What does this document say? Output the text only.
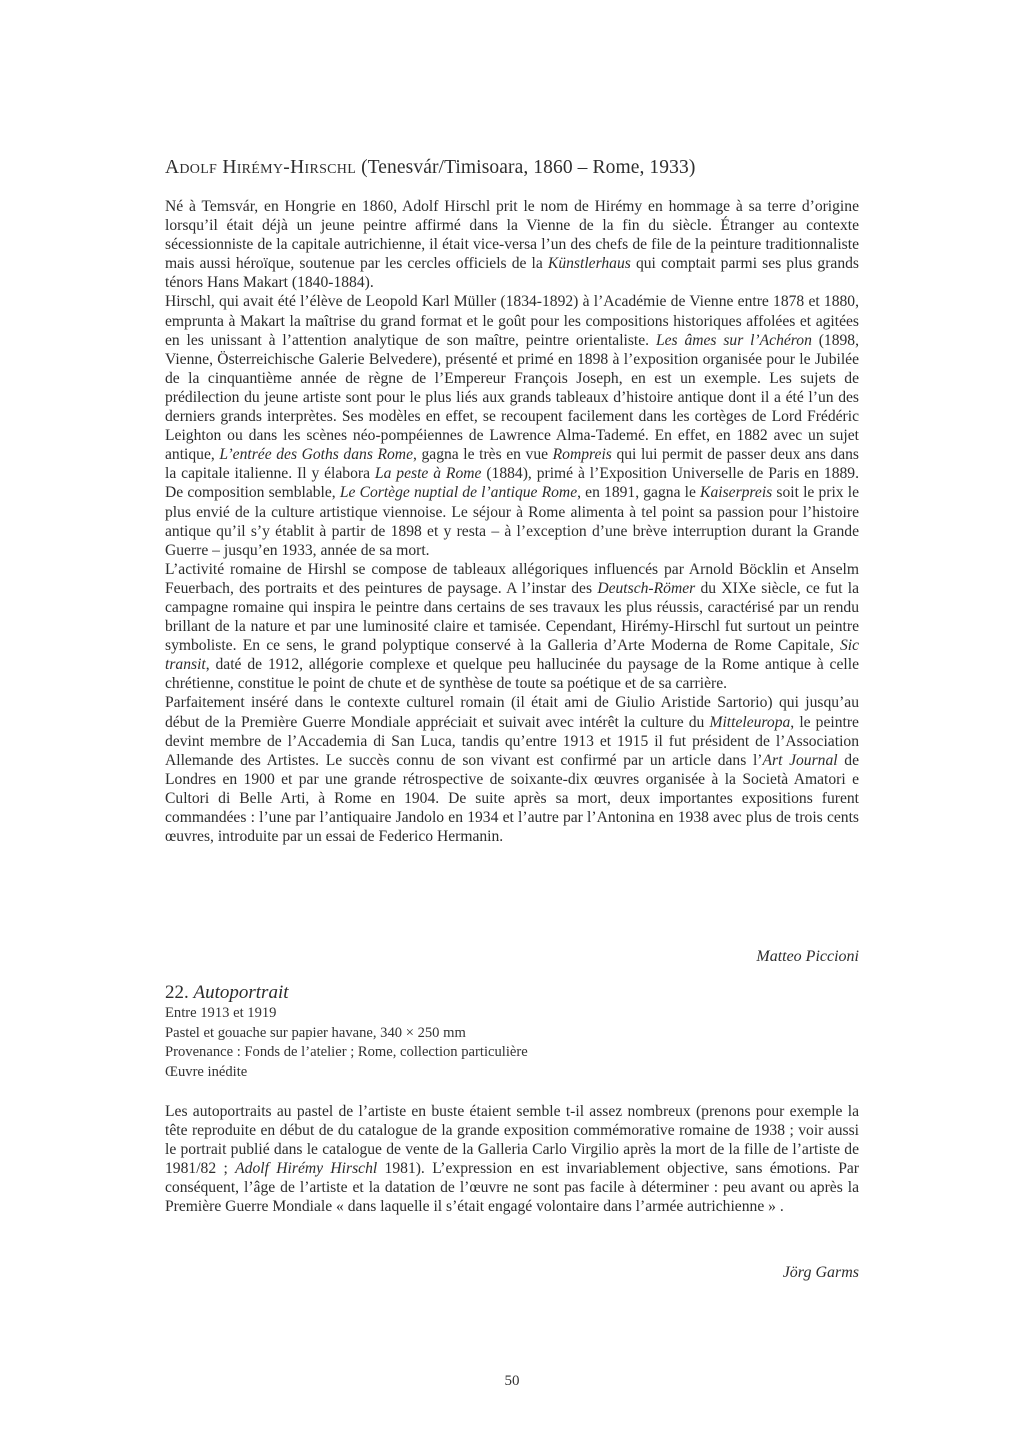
Adolf Hirémy-Hirschl (Tenesvár/Timisoara, 1860 – Rome, 1933)

Né à Temsvár, en Hongrie en 1860, Adolf Hirschl prit le nom de Hirémy en hommage à sa terre d’origine lorsqu’il était déjà un jeune peintre affirmé dans la Vienne de la fin du siècle. Étranger au contexte sécessionniste de la capitale autrichienne, il était vice-versa l’un des chefs de file de la peinture traditionnaliste mais aussi héroïque, soutenue par les cercles officiels de la Künstlerhaus qui comptait parmi ses plus grands ténors Hans Makart (1840-1884).

Hirschl, qui avait été l’élève de Leopold Karl Müller (1834-1892) à l’Académie de Vienne entre 1878 et 1880, emprunta à Makart la maîtrise du grand format et le goût pour les compositions historiques affolées et agitées en les unissant à l’attention analytique de son maître, peintre orientaliste. Les âmes sur l’Achéron (1898, Vienne, Österreichische Galerie Belvedere), présenté et primé en 1898 à l’exposition organisée pour le Jubilée de la cinquantième année de règne de l’Empereur François Joseph, en est un exemple. Les sujets de prédilection du jeune artiste sont pour le plus liés aux grands tableaux d’histoire antique dont il a été l’un des derniers grands interprètes. Ses modèles en effet, se recoupent facilement dans les cortèges de Lord Frédéric Leighton ou dans les scènes néo-pompéiennes de Lawrence Alma-Tademé. En effet, en 1882 avec un sujet antique, L’entrée des Goths dans Rome, gagna le très en vue Rompreis qui lui permit de passer deux ans dans la capitale italienne. Il y élabora La peste à Rome (1884), primé à l’Exposition Universelle de Paris en 1889. De composition semblable, Le Cortège nuptial de l’antique Rome, en 1891, gagna le Kaiserpreis soit le prix le plus envié de la culture artistique viennoise. Le séjour à Rome alimenta à tel point sa passion pour l’histoire antique qu’il s’y établit à partir de 1898 et y resta – à l’exception d’une brève interruption durant la Grande Guerre – jusqu’en 1933, année de sa mort.

L’activité romaine de Hirshl se compose de tableaux allégoriques influencés par Arnold Böcklin et Anselm Feuerbach, des portraits et des peintures de paysage. A l’instar des Deutsch-Römer du XIXe siècle, ce fut la campagne romaine qui inspira le peintre dans certains de ses travaux les plus réussis, caractérisé par un rendu brillant de la nature et par une luminosité claire et tamisée. Cependant, Hirémy-Hirschl fut surtout un peintre symboliste. En ce sens, le grand polyptique conservé à la Galleria d’Arte Moderna de Rome Capitale, Sic transit, daté de 1912, allégorie complexe et quelque peu hallucinée du paysage de la Rome antique à celle chrétienne, constitue le point de chute et de synthèse de toute sa poétique et de sa carrière.

Parfaitement inséré dans le contexte culturel romain (il était ami de Giulio Aristide Sartorio) qui jusqu’au début de la Première Guerre Mondiale appréciait et suivait avec intérêt la culture du Mitteleuropa, le peintre devint membre de l’Accademia di San Luca, tandis qu’entre 1913 et 1915 il fut président de l’Association Allemande des Artistes. Le succès connu de son vivant est confirmé par un article dans l’Art Journal de Londres en 1900 et par une grande rétrospective de soixante-dix œuvres organisée à la Società Amatori e Cultori di Belle Arti, à Rome en 1904. De suite après sa mort, deux importantes expositions furent commandées : l’une par l’antiquaire Jandolo en 1934 et l’autre par l’Antonina en 1938 avec plus de trois cents œuvres, introduite par un essai de Federico Hermanin.

Matteo Piccioni
22. Autoportrait
Entre 1913 et 1919
Pastel et gouache sur papier havane, 340 × 250 mm
Provenance : Fonds de l’atelier ; Rome, collection particulière
Œuvre inédite

Les autoportraits au pastel de l’artiste en buste étaient semble t-il assez nombreux (prenons pour exemple la tête reproduite en début de du catalogue de la grande exposition commémorative romaine de 1938 ; voir aussi le portrait publié dans le catalogue de vente de la Galleria Carlo Virgilio après la mort de la fille de l’artiste de 1981/82 ; Adolf Hirémy Hirschl 1981). L’expression en est invariablement objective, sans émotions. Par conséquent, l’âge de l’artiste et la datation de l’œuvre ne sont pas facile à déterminer : peu avant ou après la Première Guerre Mondiale « dans laquelle il s’était engagé volontaire dans l’armée autrichienne » .

Jörg Garms
50
